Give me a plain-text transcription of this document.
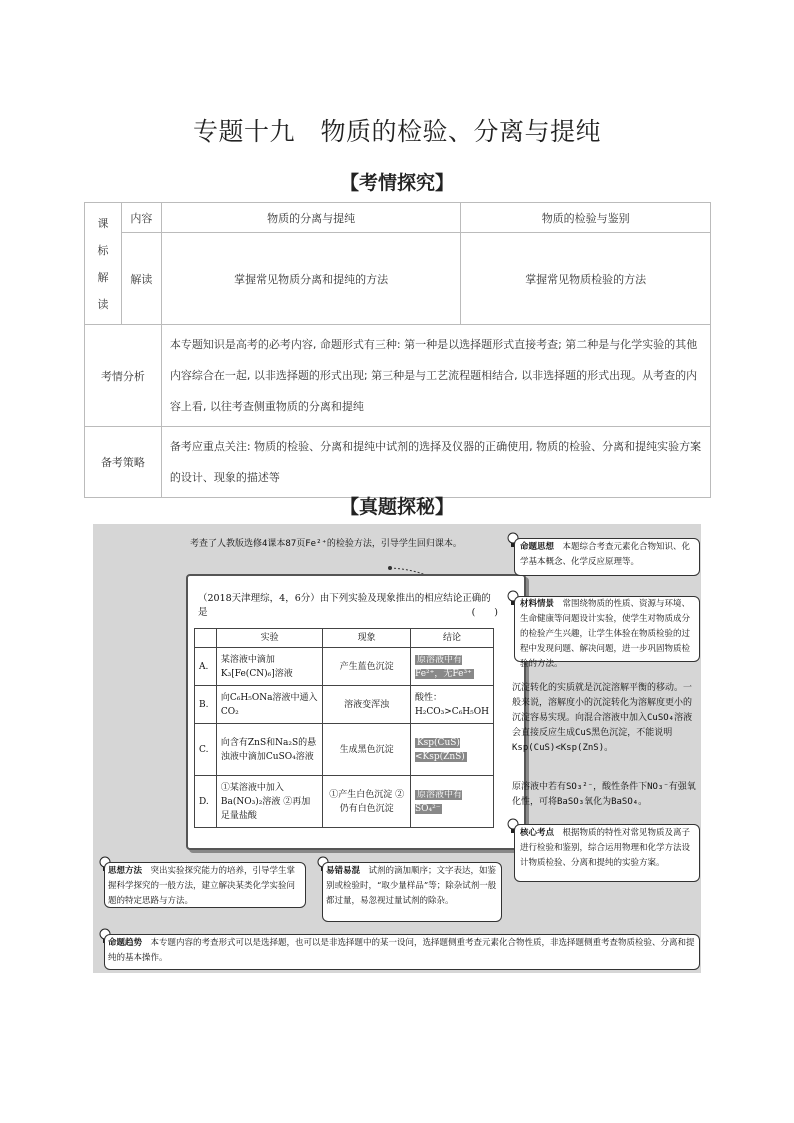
专题十九　物质的检验、分离与提纯
【考情探究】
课
标
解
读	内容	物质的分离与提纯	物质的检验与鉴别
	解读	掌握常见物质分离和提纯的方法	掌握常见物质检验的方法
考情分析		本专题知识是高考的必考内容, 命题形式有三种: 第一种是以选择题形式直接考查; 第二种是与化学实验的其他内容综合在一起, 以非选择题的形式出现; 第三种是与工艺流程题相结合, 以非选择题的形式出现。从考查的内容上看, 以往考查侧重物质的分离和提纯	
备考策略		备考应重点关注: 物质的检验、分离和提纯中试剂的选择及仪器的正确使用, 物质的检验、分离和提纯实验方案的设计、现象的描述等	
【真题探秘】
考查了人教版选修4课本87页Fe²⁺的检验方法，引导学生回归课本。
（2018天津理综，4，6分）由下列实验及现象推出的相应结论正确的是	(　　)
	实验	现象	结论
A.	某溶液中滴加K₃[Fe(CN)₆]溶液	产生蓝色沉淀	原溶液中有Fe²⁺，无Fe³⁺
B.	向C₆H₅ONa溶液中通入CO₂	溶液变浑浊	酸性：H₂CO₃>C₆H₅OH
C.	向含有ZnS和Na₂S的悬浊液中滴加CuSO₄溶液	生成黑色沉淀	Ksp(CuS)<Ksp(ZnS)
D.	①某溶液中加入Ba(NO₃)₂溶液 ②再加足量盐酸	①产生白色沉淀 ②仍有白色沉淀	原溶液中有SO₄²⁻
命题思想　 本题综合考查元素化合物知识、化学基本概念、化学反应原理等。
材料情景　 常围绕物质的性质、资源与环境、生命健康等问题设计实验，使学生对物质成分的检验产生兴趣，让学生体验在物质检验的过程中发现问题、解决问题，进一步巩固物质检验的方法。
沉淀转化的实质就是沉淀溶解平衡的移动。一般来说，溶解度小的沉淀转化为溶解度更小的沉淀容易实现。向混合溶液中加入CuSO₄溶液会直接反应生成CuS黑色沉淀，不能说明Ksp(CuS)<Ksp(ZnS)。
原溶液中若有SO₃²⁻，酸性条件下NO₃⁻有强氧化性，可将BaSO₃氧化为BaSO₄。
核心考点　 根据物质的特性对常见物质及离子进行检验和鉴别，综合运用物理和化学方法设计物质检验、分离和提纯的实验方案。
思想方法　 突出实验探究能力的培养，引导学生掌握科学探究的一般方法，建立解决某类化学实验问题的特定思路与方法。
易错易混　 试剂的滴加顺序；文字表达，如鉴别或检验时，“取少量样品”等；除杂试剂一般都过量，易忽视过量试剂的除杂。
命题趋势　 本专题内容的考查形式可以是选择题，也可以是非选择题中的某一设问，选择题侧重考查元素化合物性质，非选择题侧重考查物质检验、分离和提纯的基本操作。
